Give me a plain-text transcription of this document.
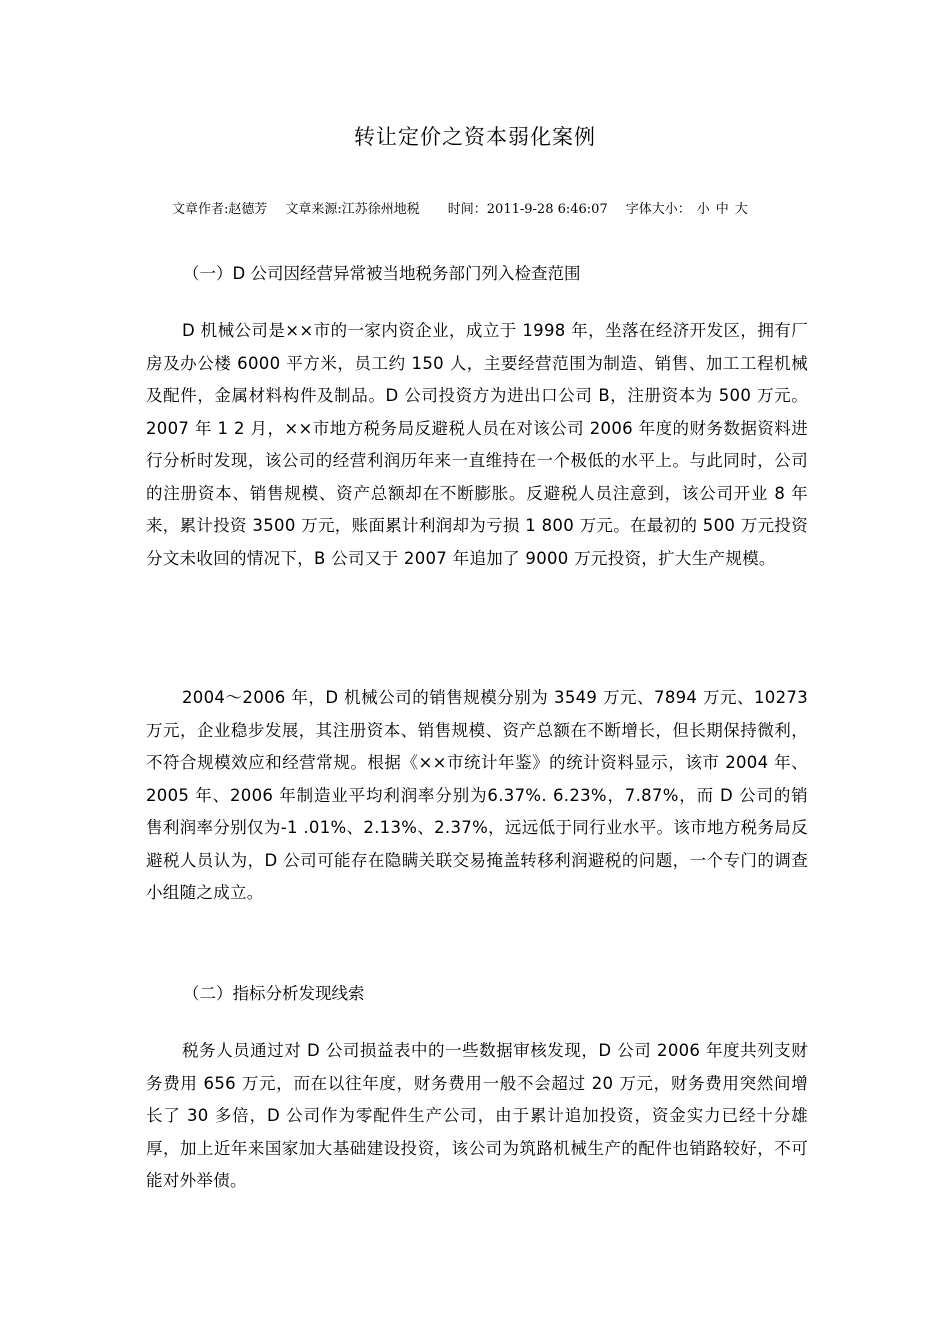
转让定价之资本弱化案例
文章作者:赵德芳 文章来源:江苏徐州地税 时间：2011-9-28 6:46:07 字体大小： 小 中 大
（一）D 公司因经营异常被当地税务部门列入检查范围
D 机械公司是××市的一家内资企业，成立于 1998 年，坐落在经济开发区，拥有厂房及办公楼 6000 平方米，员工约 150 人，主要经营范围为制造、销售、加工工程机械及配件，金属材料构件及制品。D 公司投资方为进出口公司 B，注册资本为 500 万元。2007 年 1 2 月，××市地方税务局反避税人员在对该公司 2006 年度的财务数据资料进行分析时发现，该公司的经营利润历年来一直维持在一个极低的水平上。与此同时，公司的注册资本、销售规模、资产总额却在不断膨胀。反避税人员注意到，该公司开业 8 年来，累计投资 3500 万元，账面累计利润却为亏损 1 800 万元。在最初的 500 万元投资分文未收回的情况下，B 公司又于 2007 年追加了 9000 万元投资，扩大生产规模。
2004～2006 年，D 机械公司的销售规模分别为 3549 万元、7894 万元、10273 万元，企业稳步发展，其注册资本、销售规模、资产总额在不断增长，但长期保持微利，不符合规模效应和经营常规。根据《××市统计年鉴》的统计资料显示，该市 2004 年、2005 年、2006 年制造业平均利润率分别为6.37%. 6.23%，7.87%，而 D 公司的销售利润率分别仅为-1 .01%、2.13%、2.37%，远远低于同行业水平。该市地方税务局反避税人员认为，D 公司可能存在隐瞒关联交易掩盖转移利润避税的问题，一个专门的调查小组随之成立。
（二）指标分析发现线索
税务人员通过对 D 公司损益表中的一些数据审核发现，D 公司 2006 年度共列支财务费用 656 万元，而在以往年度，财务费用一般不会超过 20 万元，财务费用突然间增长了 30 多倍，D 公司作为零配件生产公司，由于累计追加投资，资金实力已经十分雄厚，加上近年来国家加大基础建设投资，该公司为筑路机械生产的配件也销路较好，不可能对外举债。
